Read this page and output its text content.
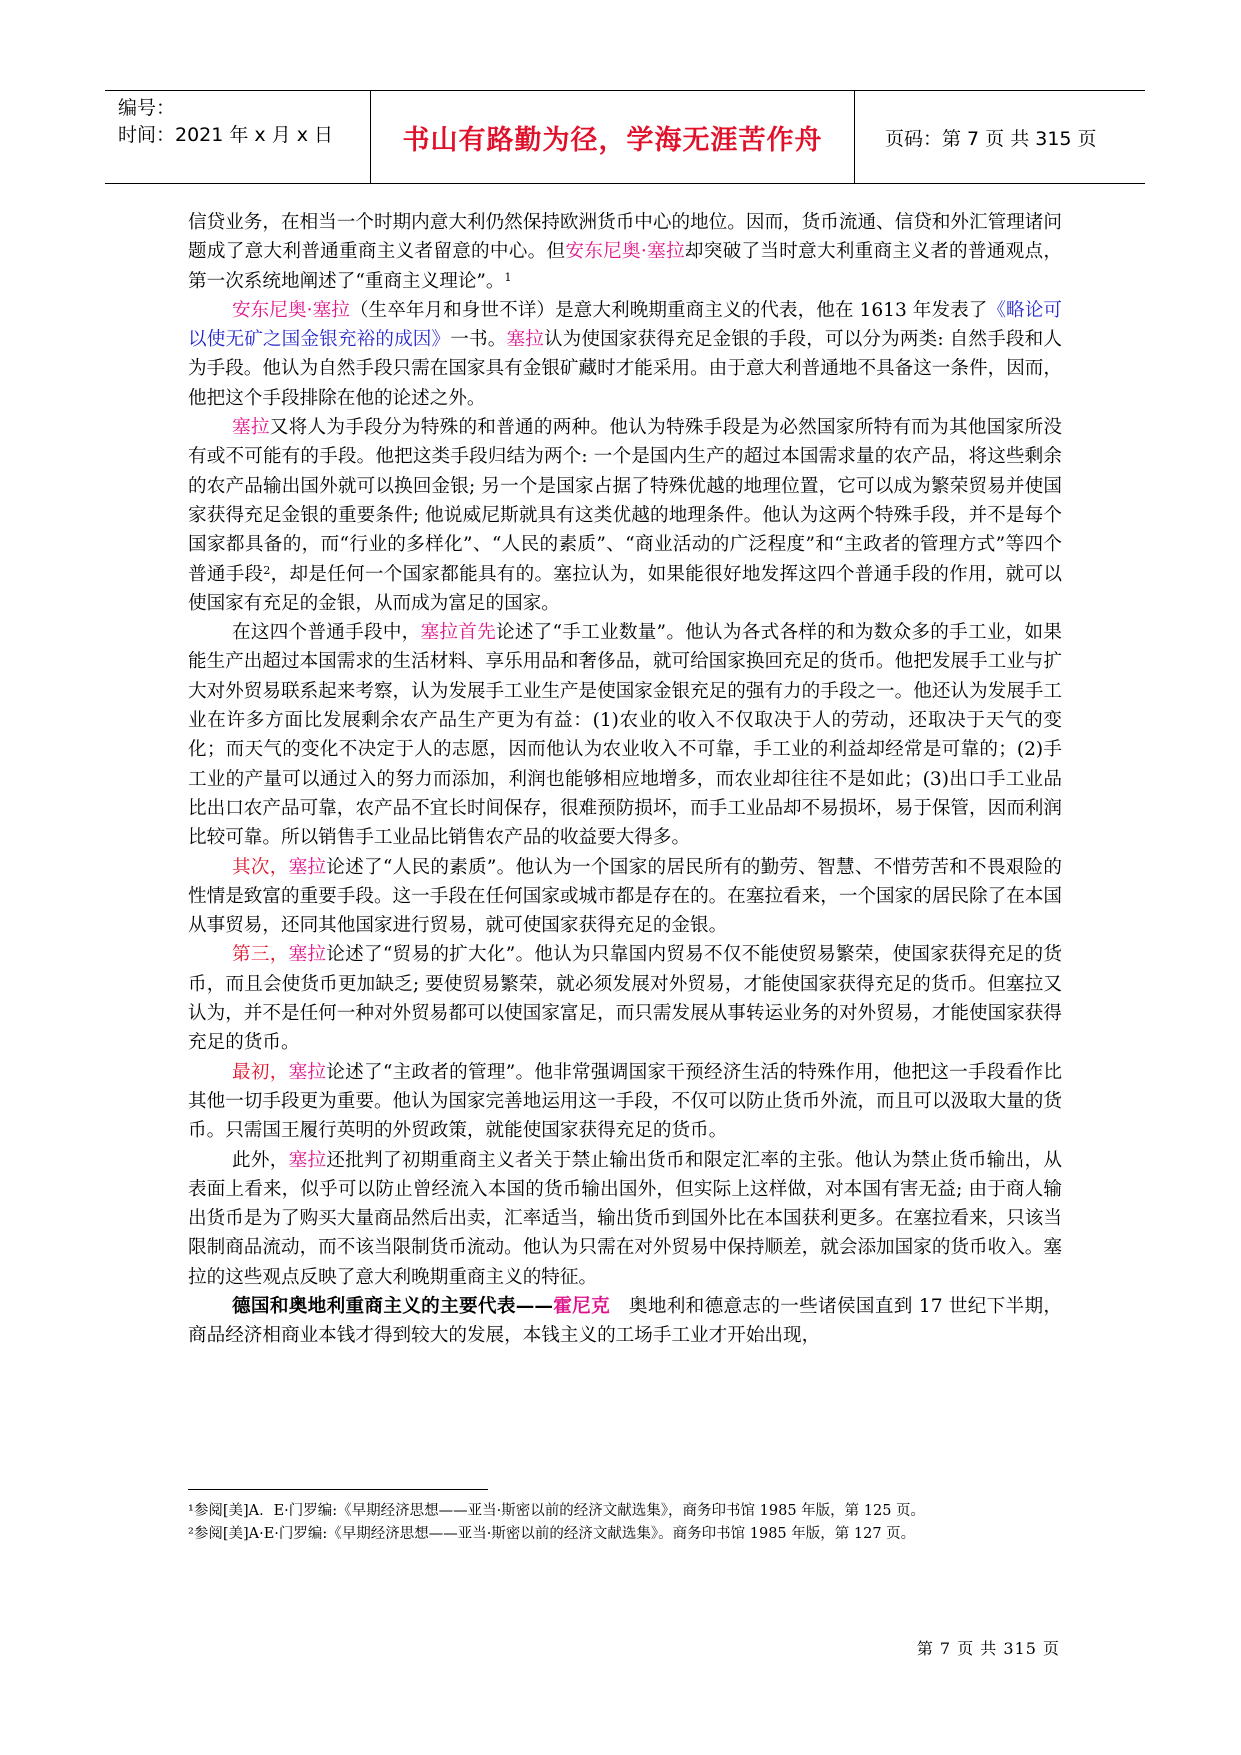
编号：
时间：2021 年 x 月 x 日	书山有路勤为径，学海无涯苦作舟	页码：第 7 页 共 315 页

信贷业务，在相当一个时期内意大利仍然保持欧洲货币中心的地位。因而，货币流通、信贷和外汇管理诸问题成了意大利普通重商主义者留意的中心。但安东尼奥·塞拉却突破了当时意大利重商主义者的普通观点，第一次系统地阐述了“重商主义理论”。$^1$

安东尼奥·塞拉（生卒年月和身世不详）是意大利晚期重商主义的代表，他在 1613 年发表了《略论可以使无矿之国金银充裕的成因》一书。塞拉认为使国家获得充足金银的手段，可以分为两类: 自然手段和人为手段。他认为自然手段只需在国家具有金银矿藏时才能采用。由于意大利普通地不具备这一条件，因而，他把这个手段排除在他的论述之外。

塞拉又将人为手段分为特殊的和普通的两种。他认为特殊手段是为必然国家所特有而为其他国家所没有或不可能有的手段。他把这类手段归结为两个: 一个是国内生产的超过本国需求量的农产品，将这些剩余的农产品输出国外就可以换回金银; 另一个是国家占据了特殊优越的地理位置，它可以成为繁荣贸易并使国家获得充足金银的重要条件; 他说威尼斯就具有这类优越的地理条件。他认为这两个特殊手段，并不是每个国家都具备的，而“行业的多样化”、“人民的素质”、“商业活动的广泛程度”和“主政者的管理方式”等四个普通手段$^2$，却是任何一个国家都能具有的。塞拉认为，如果能很好地发挥这四个普通手段的作用，就可以使国家有充足的金银，从而成为富足的国家。

在这四个普通手段中，塞拉首先论述了“手工业数量”。他认为各式各样的和为数众多的手工业，如果能生产出超过本国需求的生活材料、享乐用品和奢侈品，就可给国家换回充足的货币。他把发展手工业与扩大对外贸易联系起来考察，认为发展手工业生产是使国家金银充足的强有力的手段之一。他还认为发展手工业在许多方面比发展剩余农产品生产更为有益：(1)农业的收入不仅取决于人的劳动，还取决于天气的变化；而天气的变化不决定于人的志愿，因而他认为农业收入不可靠，手工业的利益却经常是可靠的；(2)手工业的产量可以通过入的努力而添加，利润也能够相应地增多，而农业却往往不是如此；(3)出口手工业品比出口农产品可靠，农产品不宜长时间保存，很难预防损坏，而手工业品却不易损坏，易于保管，因而利润比较可靠。所以销售手工业品比销售农产品的收益要大得多。

其次，塞拉论述了“人民的素质”。他认为一个国家的居民所有的勤劳、智慧、不惜劳苦和不畏艰险的性情是致富的重要手段。这一手段在任何国家或城市都是存在的。在塞拉看来，一个国家的居民除了在本国从事贸易，还同其他国家进行贸易，就可使国家获得充足的金银。

第三，塞拉论述了“贸易的扩大化”。他认为只靠国内贸易不仅不能使贸易繁荣，使国家获得充足的货币，而且会使货币更加缺乏; 要使贸易繁荣，就必须发展对外贸易，才能使国家获得充足的货币。但塞拉又认为，并不是任何一种对外贸易都可以使国家富足，而只需发展从事转运业务的对外贸易，才能使国家获得充足的货币。

最初，塞拉论述了“主政者的管理”。他非常强调国家干预经济生活的特殊作用，他把这一手段看作比其他一切手段更为重要。他认为国家完善地运用这一手段，不仅可以防止货币外流，而且可以汲取大量的货币。只需国王履行英明的外贸政策，就能使国家获得充足的货币。

此外，塞拉还批判了初期重商主义者关于禁止输出货币和限定汇率的主张。他认为禁止货币输出，从表面上看来，似乎可以防止曾经流入本国的货币输出国外，但实际上这样做，对本国有害无益; 由于商人输出货币是为了购买大量商品然后出卖，汇率适当，输出货币到国外比在本国获利更多。在塞拉看来，只该当限制商品流动，而不该当限制货币流动。他认为只需在对外贸易中保持顺差，就会添加国家的货币收入。塞拉的这些观点反映了意大利晚期重商主义的特征。

德国和奥地利重商主义的主要代表——霍尼克　奥地利和德意志的一些诸侯国直到 17 世纪下半期，商品经济相商业本钱才得到较大的发展，本钱主义的工场手工业才开始出现，

¹参阅[美]A．E·门罗编:《早期经济思想——亚当·斯密以前的经济文献选集》，商务印书馆 1985 年版，第 125 页。

²参阅[美]A·E·门罗编:《早期经济思想——亚当·斯密以前的经济文献选集》。商务印书馆 1985 年版，第 127 页。

第 7 页 共 315 页
